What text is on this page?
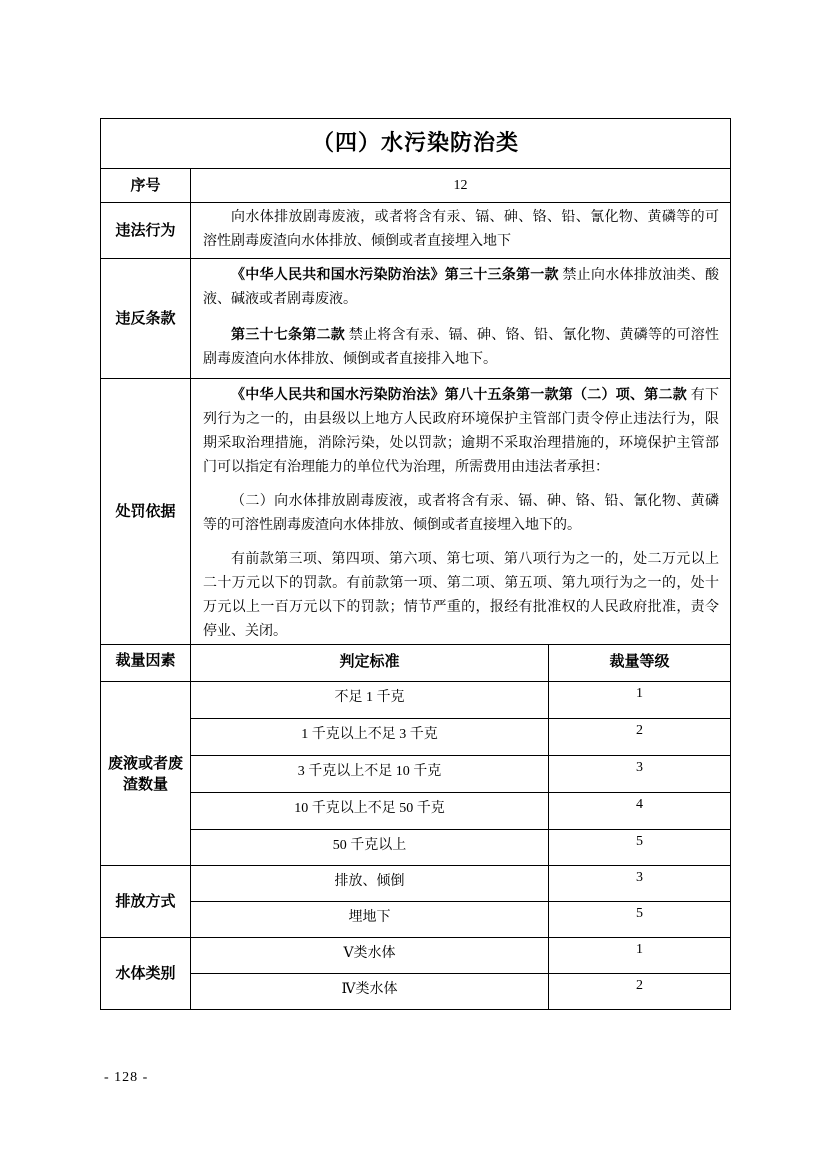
（四）水污染防治类		
序号	12	
违法行为	向水体排放剧毒废液，或者将含有汞、镉、砷、铬、铅、氰化物、黄磷等的可溶性剧毒废渣向水体排放、倾倒或者直接埋入地下	

违反条款	《中华人民共和国水污染防治法》第三十三条第一款 禁止向水体排放油类、酸液、碱液或者剧毒废液。

第三十七条第二款 禁止将含有汞、镉、砷、铬、铅、氰化物、黄磷等的可溶性剧毒废渣向水体排放、倾倒或者直接排入地下。	

处罚依据	《中华人民共和国水污染防治法》第八十五条第一款第（二）项、第二款 有下列行为之一的，由县级以上地方人民政府环境保护主管部门责令停止违法行为，限期采取治理措施，消除污染，处以罚款；逾期不采取治理措施的，环境保护主管部门可以指定有治理能力的单位代为治理，所需费用由违法者承担：

（二）向水体排放剧毒废液，或者将含有汞、镉、砷、铬、铅、氰化物、黄磷等的可溶性剧毒废渣向水体排放、倾倒或者直接埋入地下的。

有前款第三项、第四项、第六项、第七项、第八项行为之一的，处二万元以上二十万元以下的罚款。有前款第一项、第二项、第五项、第九项行为之一的，处十万元以上一百万元以下的罚款；情节严重的，报经有批准权的人民政府批准，责令停业、关闭。	

裁量因素	判定标准	裁量等级
废液或者废渣数量	不足 1 千克	1
	1 千克以上不足 3 千克	2
	3 千克以上不足 10 千克	3
	10 千克以上不足 50 千克	4
	50 千克以上	5
排放方式	排放、倾倒	3
	埋地下	5
水体类别	Ⅴ类水体	1
	Ⅳ类水体	2
- 128 -
